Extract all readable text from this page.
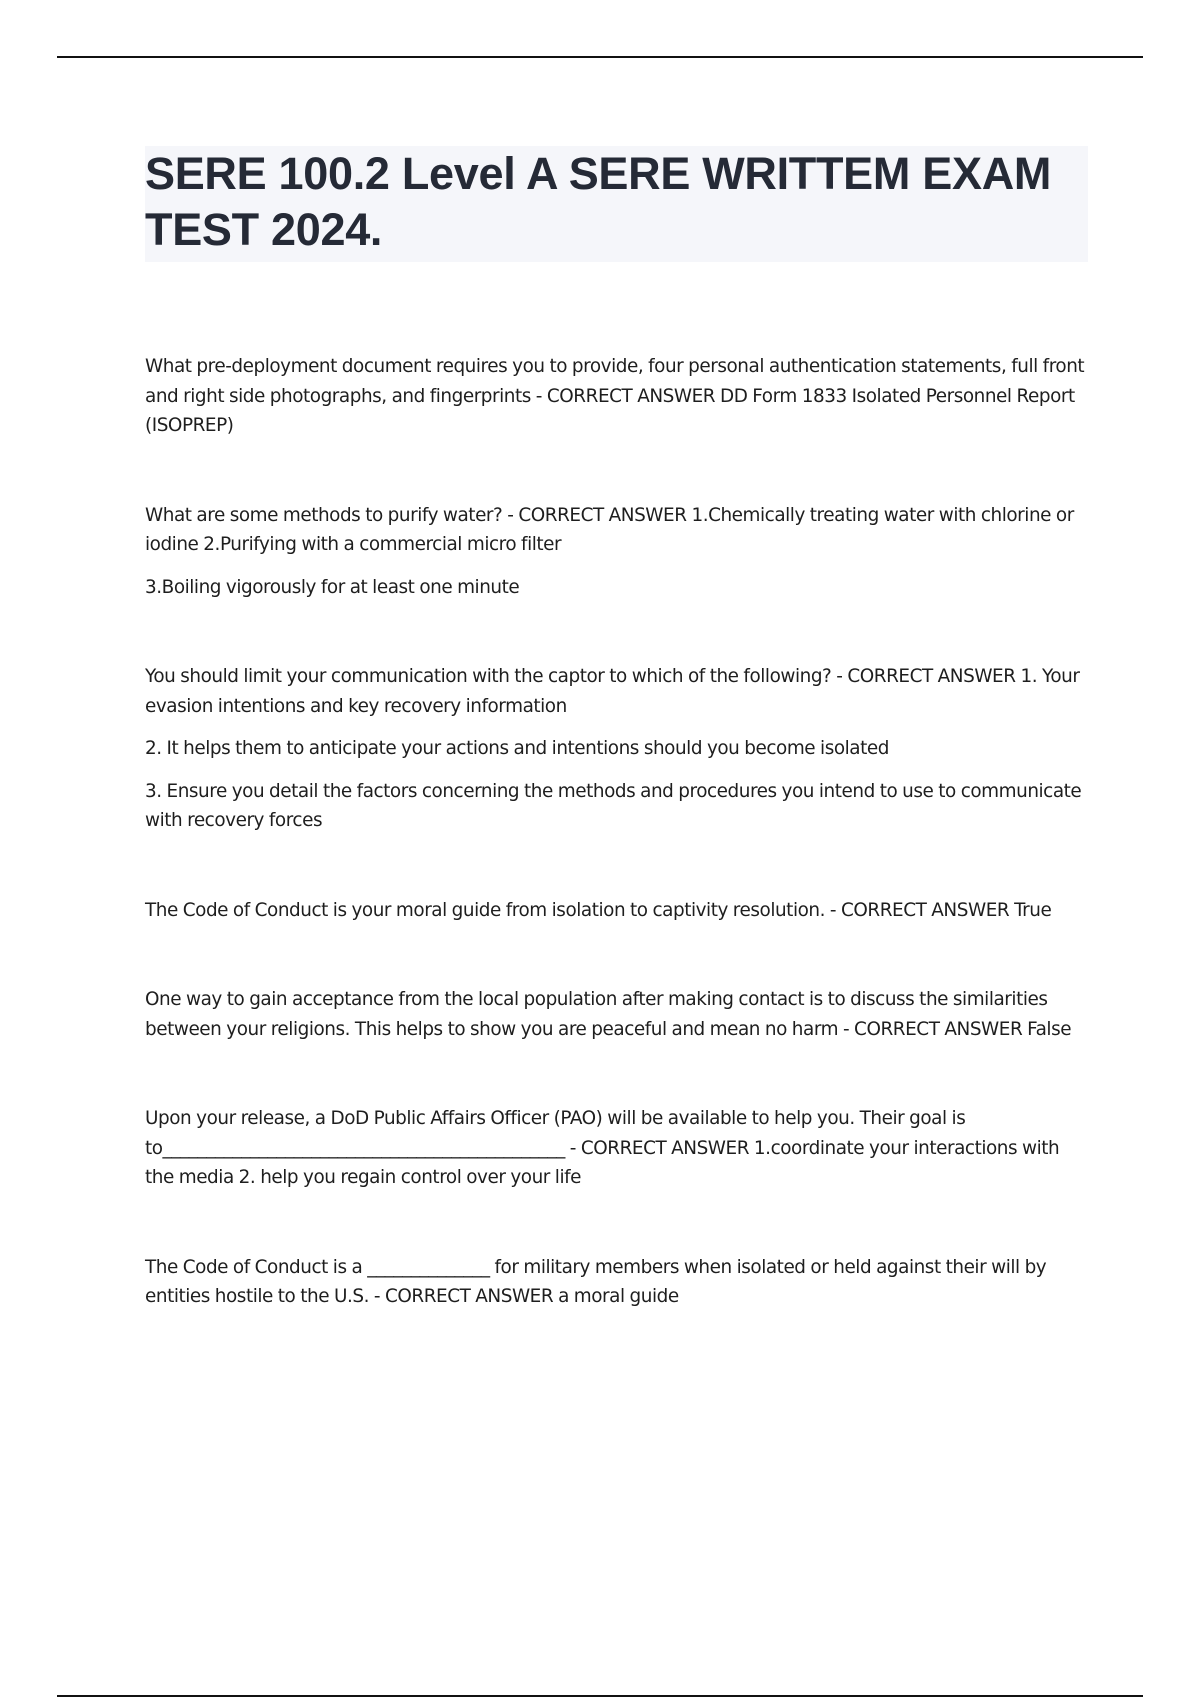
SERE 100.2 Level A SERE WRITTEM EXAM TEST 2024.

What pre-deployment document requires you to provide, four personal authentication statements, full front and right side photographs, and fingerprints - CORRECT ANSWER DD Form 1833 Isolated Personnel Report (ISOPREP)

What are some methods to purify water? - CORRECT ANSWER 1.Chemically treating water with chlorine or iodine 2.Purifying with a commercial micro filter

3.Boiling vigorously for at least one minute

You should limit your communication with the captor to which of the following? - CORRECT ANSWER 1. Your evasion intentions and key recovery information

2. It helps them to anticipate your actions and intentions should you become isolated

3. Ensure you detail the factors concerning the methods and procedures you intend to use to communicate with recovery forces

The Code of Conduct is your moral guide from isolation to captivity resolution. - CORRECT ANSWER True

One way to gain acceptance from the local population after making contact is to discuss the similarities between your religions. This helps to show you are peaceful and mean no harm - CORRECT ANSWER False

Upon your release, a DoD Public Affairs Officer (PAO) will be available to help you. Their goal is to______________________________________________ - CORRECT ANSWER 1.coordinate your interactions with the media 2. help you regain control over your life

The Code of Conduct is a ______________ for military members when isolated or held against their will by entities hostile to the U.S. - CORRECT ANSWER a moral guide
